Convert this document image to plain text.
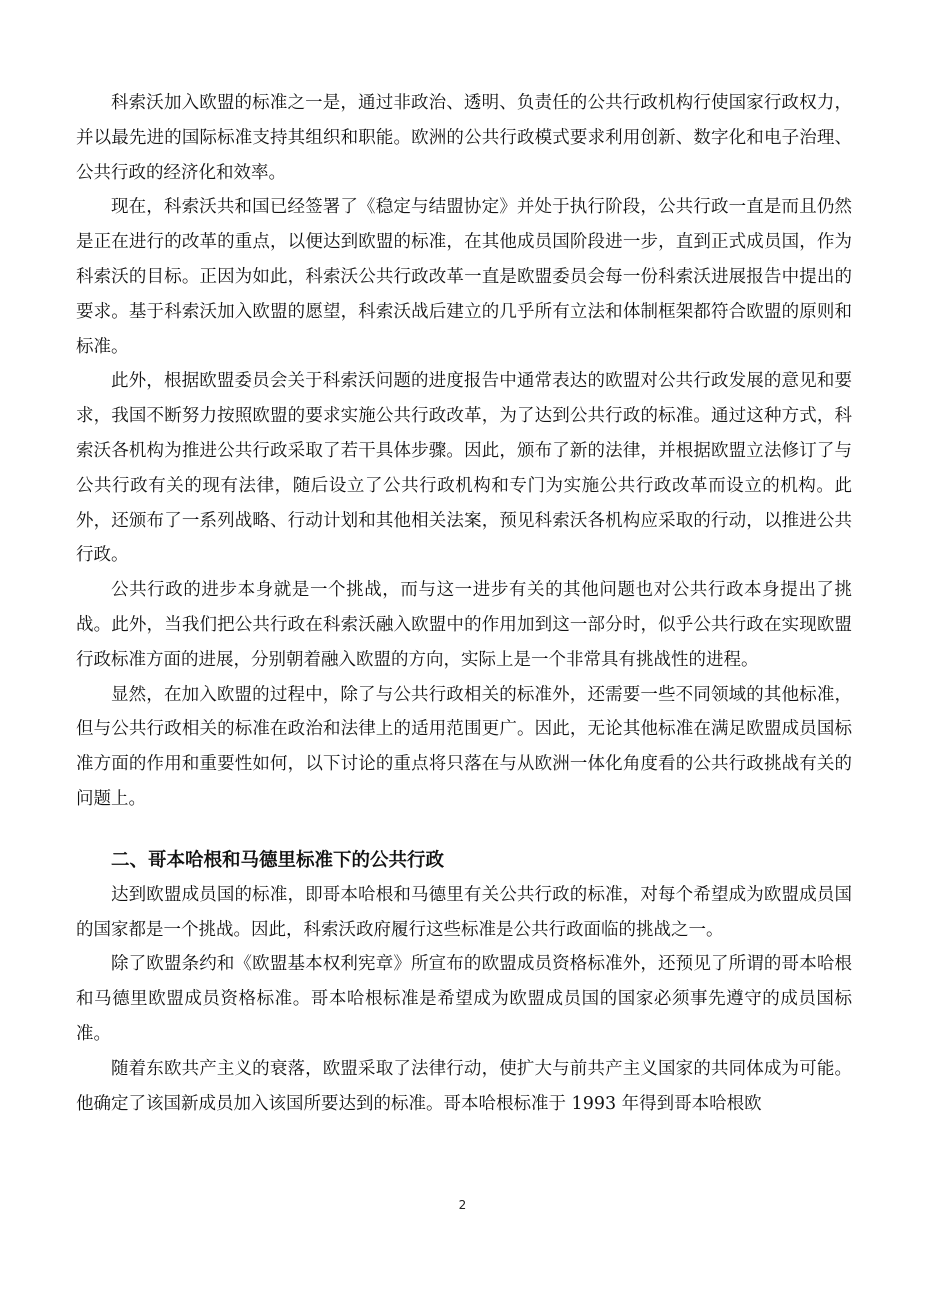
科索沃加入欧盟的标准之一是，通过非政治、透明、负责任的公共行政机构行使国家行政权力，并以最先进的国际标准支持其组织和职能。欧洲的公共行政模式要求利用创新、数字化和电子治理、公共行政的经济化和效率。

现在，科索沃共和国已经签署了《稳定与结盟协定》并处于执行阶段，公共行政一直是而且仍然是正在进行的改革的重点，以便达到欧盟的标准，在其他成员国阶段进一步，直到正式成员国，作为科索沃的目标。正因为如此，科索沃公共行政改革一直是欧盟委员会每一份科索沃进展报告中提出的要求。基于科索沃加入欧盟的愿望，科索沃战后建立的几乎所有立法和体制框架都符合欧盟的原则和标准。

此外，根据欧盟委员会关于科索沃问题的进度报告中通常表达的欧盟对公共行政发展的意见和要求，我国不断努力按照欧盟的要求实施公共行政改革，为了达到公共行政的标准。通过这种方式，科索沃各机构为推进公共行政采取了若干具体步骤。因此，颁布了新的法律，并根据欧盟立法修订了与公共行政有关的现有法律，随后设立了公共行政机构和专门为实施公共行政改革而设立的机构。此外，还颁布了一系列战略、行动计划和其他相关法案，预见科索沃各机构应采取的行动，以推进公共行政。

公共行政的进步本身就是一个挑战，而与这一进步有关的其他问题也对公共行政本身提出了挑战。此外，当我们把公共行政在科索沃融入欧盟中的作用加到这一部分时，似乎公共行政在实现欧盟行政标准方面的进展，分别朝着融入欧盟的方向，实际上是一个非常具有挑战性的进程。

显然，在加入欧盟的过程中，除了与公共行政相关的标准外，还需要一些不同领域的其他标准，但与公共行政相关的标准在政治和法律上的适用范围更广。因此，无论其他标准在满足欧盟成员国标准方面的作用和重要性如何，以下讨论的重点将只落在与从欧洲一体化角度看的公共行政挑战有关的问题上。

二、哥本哈根和马德里标准下的公共行政

达到欧盟成员国的标准，即哥本哈根和马德里有关公共行政的标准，对每个希望成为欧盟成员国的国家都是一个挑战。因此，科索沃政府履行这些标准是公共行政面临的挑战之一。

除了欧盟条约和《欧盟基本权利宪章》所宣布的欧盟成员资格标准外，还预见了所谓的哥本哈根和马德里欧盟成员资格标准。哥本哈根标准是希望成为欧盟成员国的国家必须事先遵守的成员国标准。

随着东欧共产主义的衰落，欧盟采取了法律行动，使扩大与前共产主义国家的共同体成为可能。他确定了该国新成员加入该国所要达到的标准。哥本哈根标准于 1993 年得到哥本哈根欧

2
